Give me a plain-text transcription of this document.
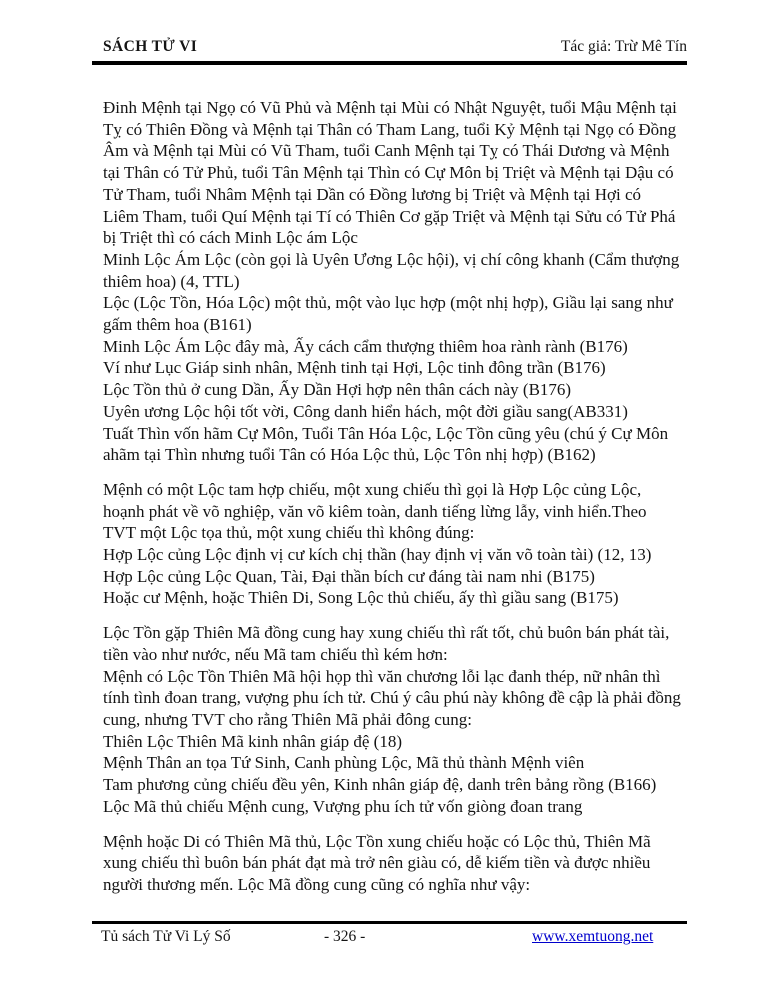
SÁCH TỬ VI	Tác giả: Trừ Mê Tín

Đinh Mệnh tại Ngọ có Vũ Phủ và Mệnh tại Mùi có Nhật Nguyệt, tuổi Mậu Mệnh tại Tỵ có Thiên Đồng và Mệnh tại Thân có Tham Lang, tuổi Kỷ Mệnh tại Ngọ có Đồng Âm và Mệnh tại Mùi có Vũ Tham, tuổi Canh Mệnh tại Tỵ có Thái Dương và Mệnh tại Thân có Tử Phủ, tuổi Tân Mệnh tại Thìn có Cự Môn bị Triệt và Mệnh tại Dậu có Tử Tham, tuổi Nhâm Mệnh tại Dần có Đồng lương bị Triệt và Mệnh tại Hợi có Liêm Tham, tuổi Quí Mệnh tại Tí có Thiên Cơ gặp Triệt và Mệnh tại Sửu có Tử Phá bị Triệt thì có cách Minh Lộc ám Lộc

Minh Lộc Ám Lộc (còn gọi là Uyên Ương Lộc hội), vị chí công khanh (Cẩm thượng thiêm hoa) (4, TTL)

Lộc (Lộc Tồn, Hóa Lộc) một thủ, một vào lục hợp (một nhị hợp), Giầu lại sang như gấm thêm hoa (B161)

Minh Lộc Ám Lộc đây mà, Ấy cách cẩm thượng thiêm hoa rành rành (B176)

Ví như Lục Giáp sinh nhân, Mệnh tinh tại Hợi, Lộc tinh đông trần (B176)

Lộc Tồn thủ ở cung Dần, Ấy Dần Hợi hợp nên thân cách này (B176)

Uyên ương Lộc hội tốt vời, Công danh hiển hách, một đời giầu sang(AB331)

Tuất Thìn vốn hãm Cự Môn, Tuổi Tân Hóa Lộc, Lộc Tồn cũng yêu (chú ý Cự Môn ahãm tại Thìn nhưng tuổi Tân có Hóa Lộc thủ, Lộc Tôn nhị hợp) (B162)

Mệnh có một Lộc tam hợp chiếu, một xung chiếu thì gọi là Hợp Lộc củng Lộc, hoạnh phát về võ nghiệp, văn võ kiêm toàn, danh tiếng lừng lẫy, vinh hiển.Theo TVT một Lộc tọa thủ, một xung chiếu thì không đúng:

Hợp Lộc củng Lộc định vị cư kích chị thần (hay định vị văn võ toàn tài) (12, 13)

Hợp Lộc củng Lộc Quan, Tài, Đại thần bích cư đáng tài nam nhi (B175)

Hoặc cư Mệnh, hoặc Thiên Di, Song Lộc thủ chiếu, ấy thì giầu sang (B175)

Lộc Tồn gặp Thiên Mã đồng cung hay xung chiếu thì rất tốt, chủ buôn bán phát tài, tiền vào như nước, nếu Mã tam chiếu thì kém hơn:

Mệnh có Lộc Tồn Thiên Mã hội họp thì văn chương lỗi lạc đanh thép, nữ nhân thì tính tình đoan trang, vượng phu ích tử. Chú ý câu phú này không đề cập là phải đồng cung, nhưng TVT cho rằng Thiên Mã phải đông cung:

Thiên Lộc Thiên Mã kinh nhân giáp đệ (18)

Mệnh Thân an tọa Tứ Sinh, Canh phùng Lộc, Mã thủ thành Mệnh viên

Tam phương củng chiếu đều yên, Kinh nhân giáp đệ, danh trên bảng rồng (B166)

Lộc Mã thủ chiếu Mệnh cung, Vượng phu ích tử vốn giòng đoan trang

Mệnh hoặc Di có Thiên Mã thủ, Lộc Tồn xung chiếu hoặc có Lộc thủ, Thiên Mã xung chiếu thì buôn bán phát đạt mà trở nên giàu có, dễ kiếm tiền và được nhiều người thương mến. Lộc Mã đồng cung cũng có nghĩa như vậy:

Tủ sách Tử Vi Lý Số	- 326 -	www.xemtuong.net
